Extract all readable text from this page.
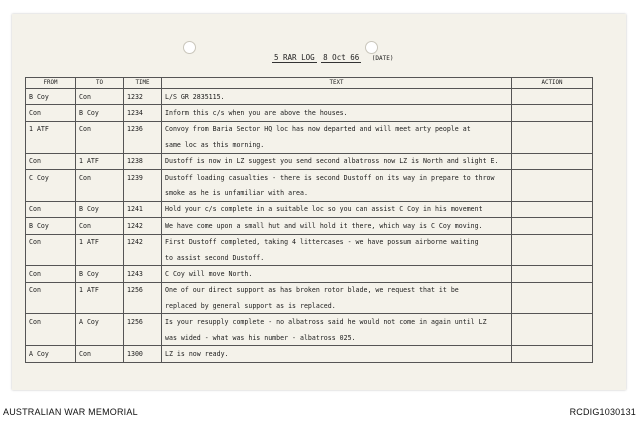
5 RAR LOG 8 Oct 66 (DATE)
FROM	TO	TIME	TEXT	ACTION
B Coy	Con	1232	L/S GR 2835115.	
Con	B Coy	1234	Inform this c/s when you are above the houses.	
1 ATF	Con	1236	Convoy from Baria Sector HQ loc has now departed and will meet arty people at	
			same loc as this morning.	
Con	1 ATF	1238	Dustoff is now in LZ suggest you send second albatross now LZ is North and slight E.	
C Coy	Con	1239	Dustoff loading casualties - there is second Dustoff on its way in prepare to throw	
			smoke as he is unfamiliar with area.	
Con	B Coy	1241	Hold your c/s complete in a suitable loc so you can assist C Coy in his movement	
B Coy	Con	1242	We have come upon a small hut and will hold it there, which way is C Coy moving.	
Con	1 ATF	1242	First Dustoff completed, taking 4 littercases - we have possum airborne waiting	
			to assist second Dustoff.	
Con	B Coy	1243	C Coy will move North.	
Con	1 ATF	1256	One of our direct support as has broken rotor blade, we request that it be	
			replaced by general support as is replaced.	
Con	A Coy	1256	Is your resupply complete - no albatross said he would not come in again until LZ	
			was wided - what was his number - albatross 025.	
A Coy	Con	1300	LZ is now ready.	
AUSTRALIAN WAR MEMORIAL	RCDIG1030131
